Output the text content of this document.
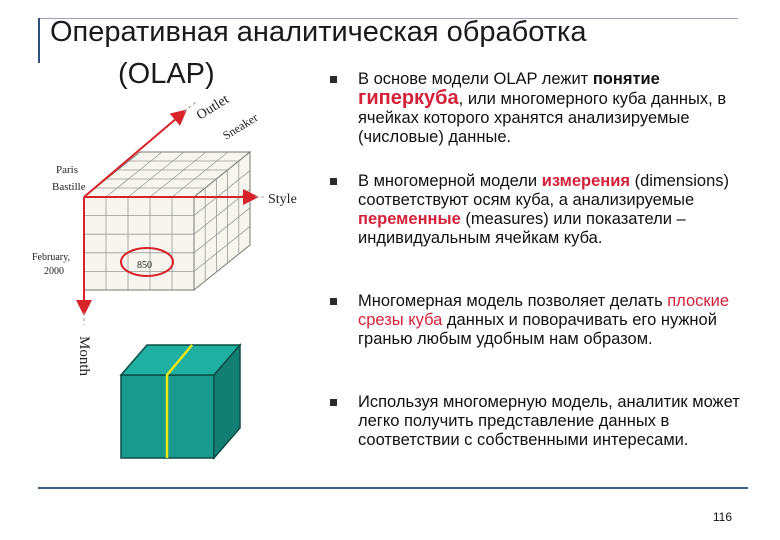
Оперативная аналитическая обработка
(OLAP)
Outlet
Sneaker
Style
Paris
Bastille
February,
2000
850
Month
В основе модели OLAP лежит понятие
гиперкуба, или многомерного куба данных, в ячейках которого хранятся анализируемые (числовые) данные.
В многомерной модели измерения (dimensions) соответствуют осям куба, а анализируемые переменные (measures) или показатели – индивидуальным ячейкам куба.
Многомерная модель позволяет делать плоские срезы куба данных и поворачивать его нужной гранью любым удобным нам образом.
Используя многомерную модель, аналитик может легко получить представление данных в соответствии с собственными интересами.
116
